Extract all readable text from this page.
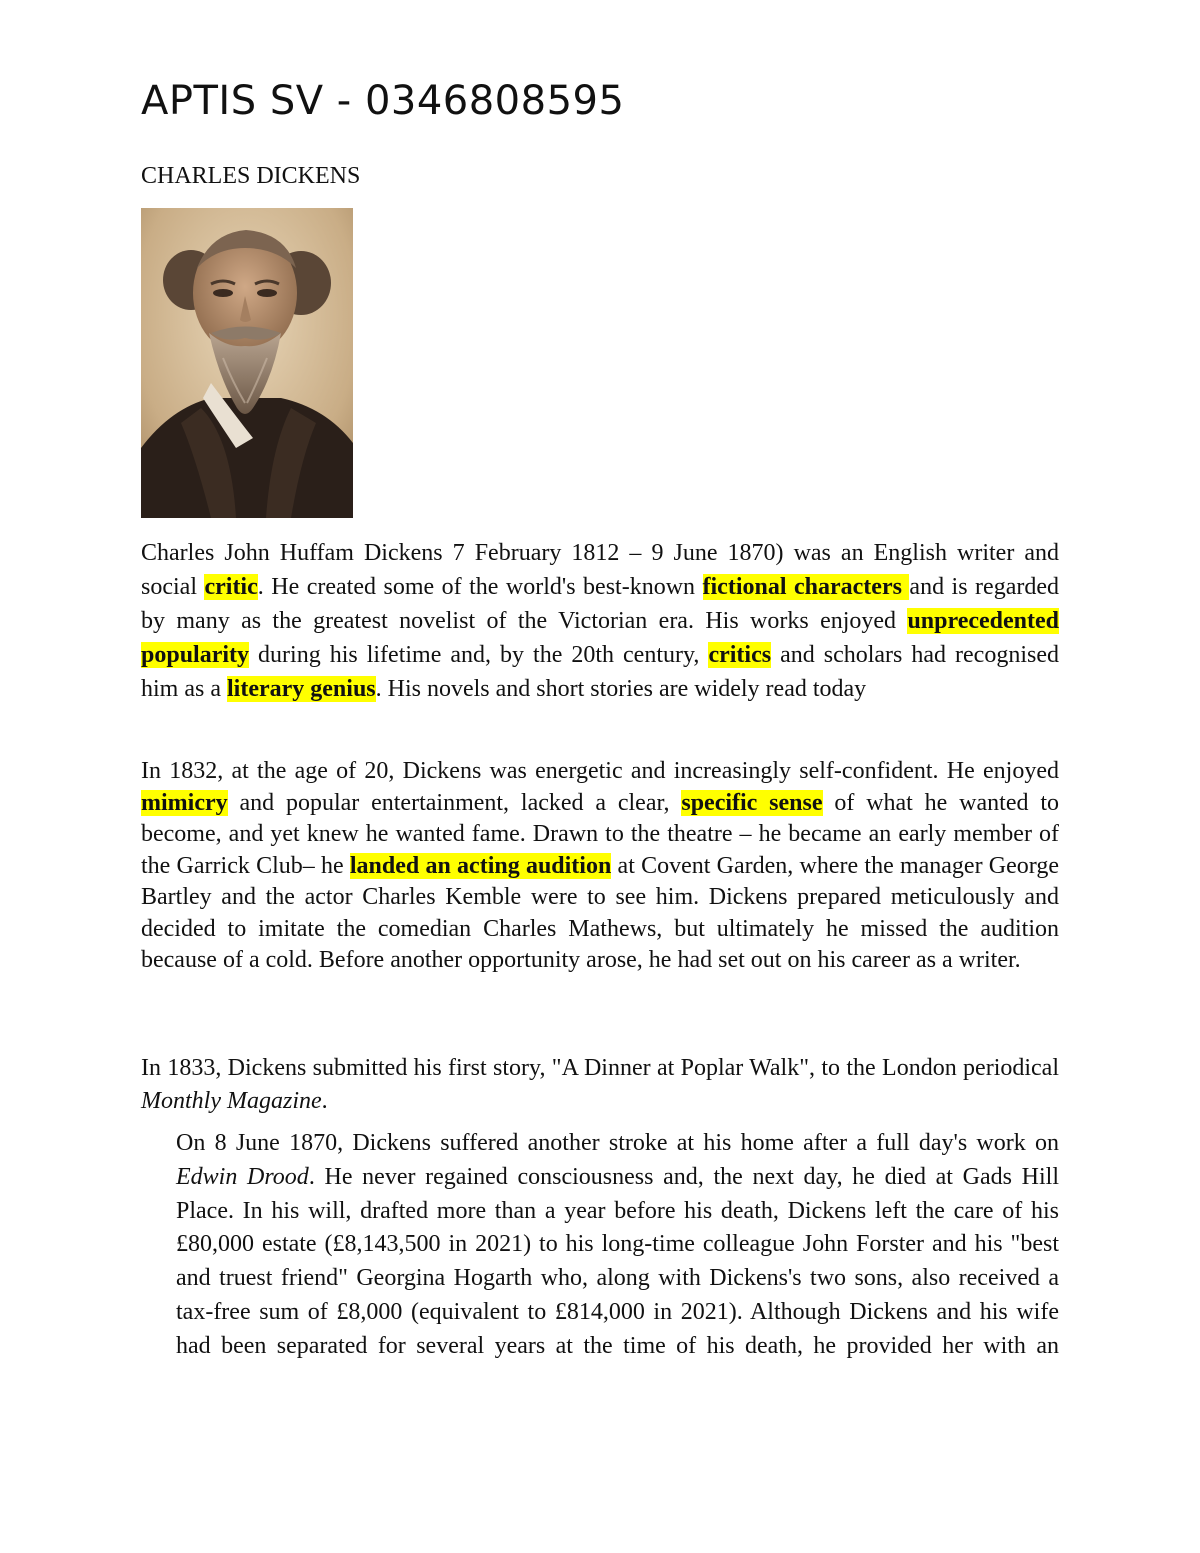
APTIS SV - 0346808595
CHARLES DICKENS
Charles John Huffam Dickens 7 February 1812 – 9 June 1870) was an English writer and social critic. He created some of the world's best-known fictional characters and is regarded by many as the greatest novelist of the Victorian era. His works enjoyed unprecedented popularity during his lifetime and, by the 20th century, critics and scholars had recognised him as a literary genius. His novels and short stories are widely read today
In 1832, at the age of 20, Dickens was energetic and increasingly self-confident. He enjoyed mimicry and popular entertainment, lacked a clear, specific sense of what he wanted to become, and yet knew he wanted fame. Drawn to the theatre – he became an early member of the Garrick Club– he landed an acting audition at Covent Garden, where the manager George Bartley and the actor Charles Kemble were to see him. Dickens prepared meticulously and decided to imitate the comedian Charles Mathews, but ultimately he missed the audition because of a cold. Before another opportunity arose, he had set out on his career as a writer.
In 1833, Dickens submitted his first story, "A Dinner at Poplar Walk", to the London periodical Monthly Magazine.
On 8 June 1870, Dickens suffered another stroke at his home after a full day's work on Edwin Drood. He never regained consciousness and, the next day, he died at Gads Hill Place. In his will, drafted more than a year before his death, Dickens left the care of his £80,000 estate (£8,143,500 in 2021) to his long-time colleague John Forster and his "best and truest friend" Georgina Hogarth who, along with Dickens's two sons, also received a tax-free sum of £8,000 (equivalent to £814,000 in 2021). Although Dickens and his wife had been separated for several years at the time of his death, he provided her with an
